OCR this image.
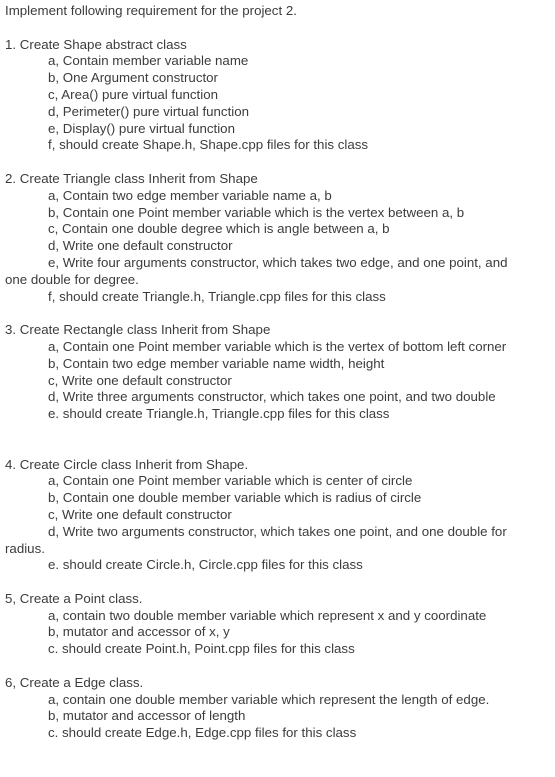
Implement following requirement for the project 2.
1. Create Shape abstract class
a, Contain member variable name
b, One Argument constructor
c, Area() pure virtual function
d, Perimeter() pure virtual function
e, Display() pure virtual function
f, should create Shape.h, Shape.cpp files for this class
2. Create Triangle class Inherit from Shape
a, Contain two edge member variable name a, b
b, Contain one Point member variable which is the vertex between a, b
c, Contain one double degree which is angle between a, b
d, Write one default constructor
e, Write four arguments constructor, which takes two edge, and one point, and
one double for degree.
f, should create Triangle.h, Triangle.cpp files for this class
3. Create Rectangle class Inherit from Shape
a, Contain one Point member variable which is the vertex of bottom left corner
b, Contain two edge member variable name width, height
c, Write one default constructor
d, Write three arguments constructor, which takes one point, and two double
e. should create Triangle.h, Triangle.cpp files for this class
4. Create Circle class Inherit from Shape.
a, Contain one Point member variable which is center of circle
b, Contain one double member variable which is radius of circle
c, Write one default constructor
d, Write two arguments constructor, which takes one point, and one double for
radius.
e. should create Circle.h, Circle.cpp files for this class
5, Create a Point class.
a, contain two double member variable which represent x and y coordinate
b, mutator and accessor of x, y
c. should create Point.h, Point.cpp files for this class
6, Create a Edge class.
a, contain one double member variable which represent the length of edge.
b, mutator and accessor of length
c. should create Edge.h, Edge.cpp files for this class
